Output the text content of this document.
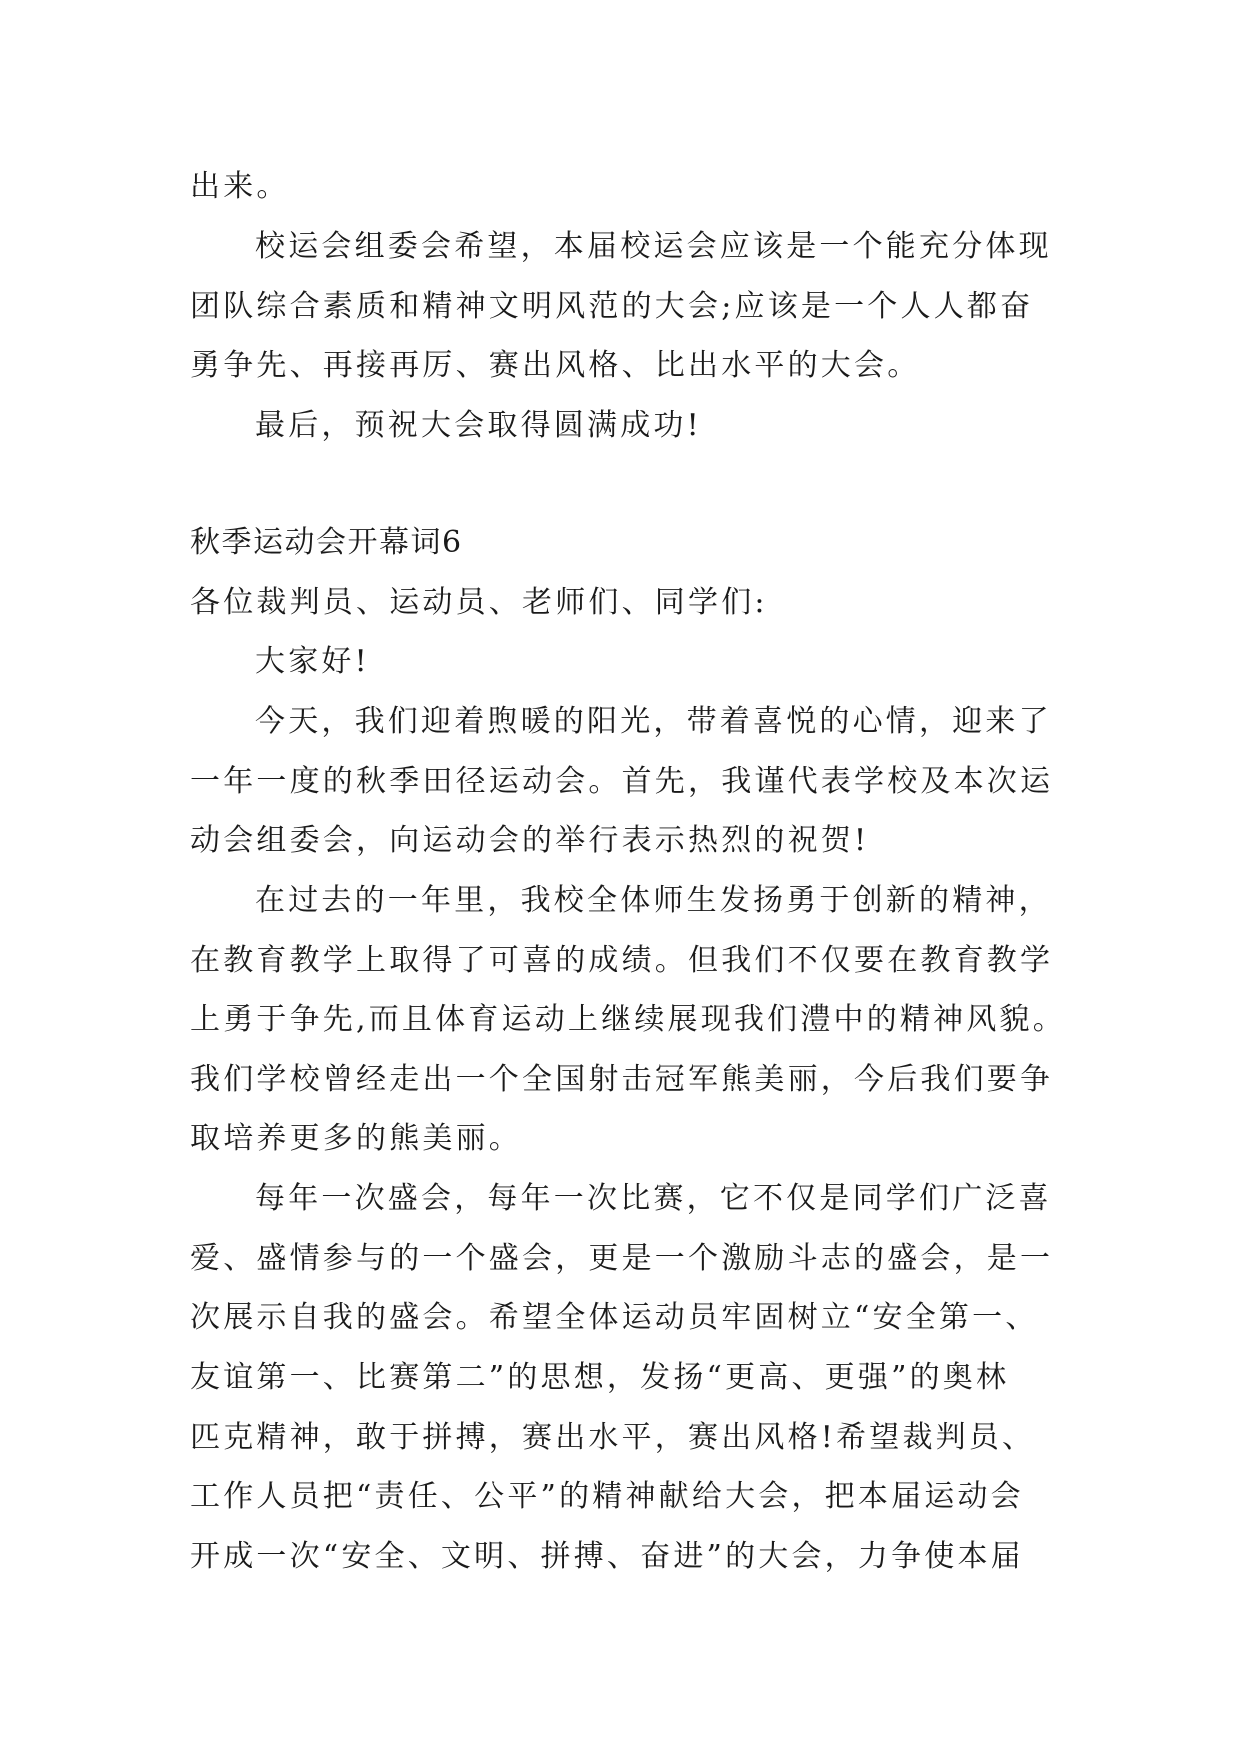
出来。
校运会组委会希望，本届校运会应该是一个能充分体现
团队综合素质和精神文明风范的大会;应该是一个人人都奋
勇争先、再接再厉、赛出风格、比出水平的大会。
最后，预祝大会取得圆满成功!
秋季运动会开幕词6
各位裁判员、运动员、老师们、同学们:
大家好!
今天，我们迎着煦暖的阳光，带着喜悦的心情，迎来了
一年一度的秋季田径运动会。首先，我谨代表学校及本次运
动会组委会，向运动会的举行表示热烈的祝贺!
在过去的一年里，我校全体师生发扬勇于创新的精神，
在教育教学上取得了可喜的成绩。但我们不仅要在教育教学
上勇于争先,而且体育运动上继续展现我们澧中的精神风貌。
我们学校曾经走出一个全国射击冠军熊美丽，今后我们要争
取培养更多的熊美丽。
每年一次盛会，每年一次比赛，它不仅是同学们广泛喜
爱、盛情参与的一个盛会，更是一个激励斗志的盛会，是一
次展示自我的盛会。希望全体运动员牢固树立“安全第一、
友谊第一、比赛第二”的思想，发扬“更高、更强”的奥林
匹克精神，敢于拼搏，赛出水平，赛出风格!希望裁判员、
工作人员把“责任、公平”的精神献给大会，把本届运动会
开成一次“安全、文明、拼搏、奋进”的大会，力争使本届
